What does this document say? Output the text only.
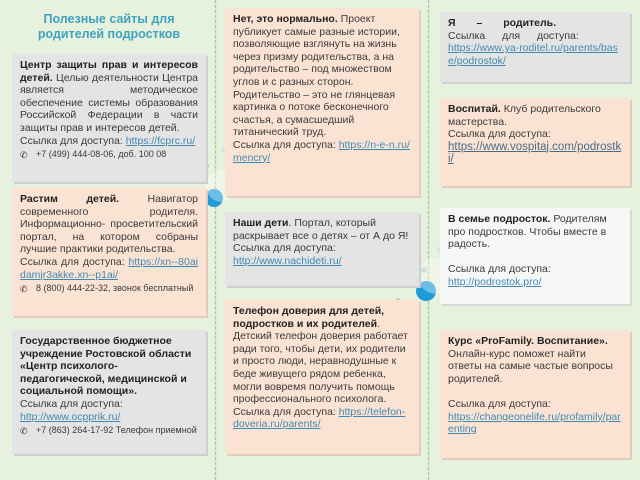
Полезные сайты для родителей подростков
Центр защиты прав и интересов детей. Целью деятельности Центра является методическое обеспечение системы образования Российской Федерации в части защиты прав и интересов детей.
Ссылка для доступа: https://fcprc.ru/
✆ +7 (499) 444-08-06, доб. 100 08
Растим детей. Навигатор современного родителя. Информационно- просветительский портал, на котором собраны лучшие практики родительства.
Ссылка для доступа: https://xn--80aidamjr3akke.xn--p1ai/
✆ 8 (800) 444-22-32, звонок бесплатный
Государственное бюджетное учреждение Ростовской области «Центр психолого-педагогической, медицинской и социальной помощи».
Ссылка для доступа:
http://www.ocpprik.ru/
✆ +7 (863) 264-17-92 Телефон приемной
Нет, это нормально. Проект публикует самые разные истории, позволяющие взглянуть на жизнь через призму родительства, а на родительство – под множеством углов и с разных сторон. Родительство – это не глянцевая картинка о потоке бесконечного счастья, а сумасшедший титанический труд.
Ссылка для доступа: https://n-e-n.ru/mencry/
Наши дети. Портал, который раскрывает все о детях – от А до Я!
Ссылка для доступа:
http://www.nachideti.ru/
Телефон доверия для детей, подростков и их родителей. Детский телефон доверия работает ради того, чтобы дети, их родители и просто люди, неравнодушные к беде живущего рядом ребенка, могли вовремя получить помощь профессионального психолога.
Ссылка для доступа: https://telefon-doveria.ru/parents/
Я – родитель.
Ссылка для доступа:
https://www.ya-roditel.ru/parents/base/podrostok/
Воспитай. Клуб родительского мастерства.
Ссылка для доступа:
https://www.vospitaj.com/podrostki/
В семье подросток. Родителям про подростков. Чтобы вместе в радость.

Ссылка для доступа:
http://podrostok.pro/
Курс «ProFamily. Воспитание». Онлайн-курс поможет найти ответы на самые частые вопросы родителей.

Ссылка для доступа:
https://changeonelife.ru/profamily/parenting
